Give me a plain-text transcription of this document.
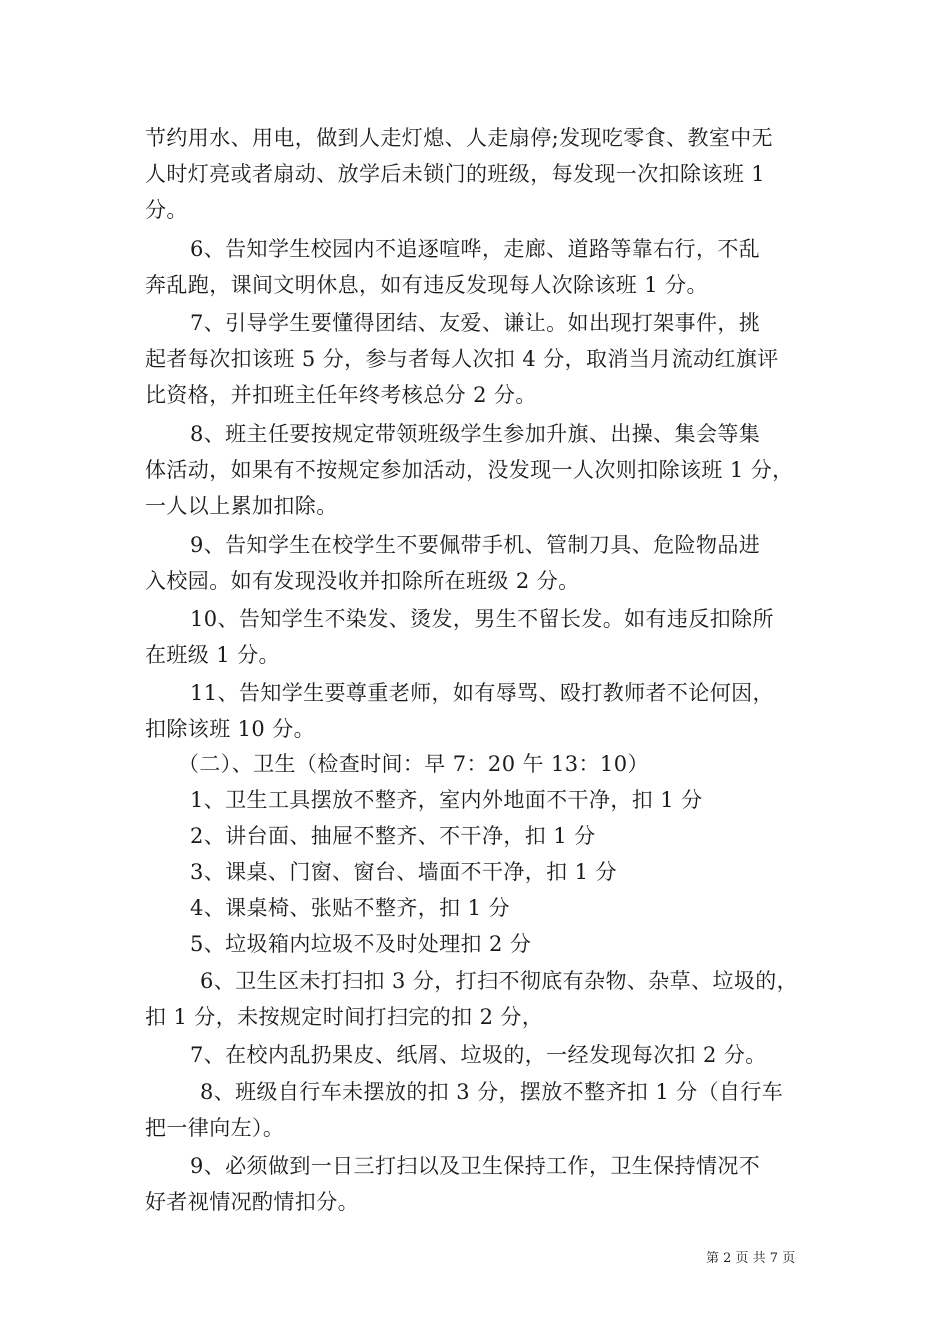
节约用水、用电，做到人走灯熄、人走扇停;发现吃零食、教室中无
人时灯亮或者扇动、放学后未锁门的班级，每发现一次扣除该班 1
分。
6、告知学生校园内不追逐喧哗，走廊、道路等靠右行，不乱
奔乱跑，课间文明休息，如有违反发现每人次除该班 1 分。
7、引导学生要懂得团结、友爱、谦让。如出现打架事件，挑
起者每次扣该班 5 分，参与者每人次扣 4 分，取消当月流动红旗评
比资格，并扣班主任年终考核总分 2 分。
8、班主任要按规定带领班级学生参加升旗、出操、集会等集
体活动，如果有不按规定参加活动，没发现一人次则扣除该班 1 分，
一人以上累加扣除。
9、告知学生在校学生不要佩带手机、管制刀具、危险物品进
入校园。如有发现没收并扣除所在班级 2 分。
10、告知学生不染发、烫发，男生不留长发。如有违反扣除所
在班级 1 分。
11、告知学生要尊重老师，如有辱骂、殴打教师者不论何因，
扣除该班 10 分。
（二）、卫生（检查时间：早 7：20 午 13：10）
1、卫生工具摆放不整齐，室内外地面不干净，扣 1 分
2、讲台面、抽屉不整齐、不干净，扣 1 分
3、课桌、门窗、窗台、墙面不干净，扣 1 分
4、课桌椅、张贴不整齐，扣 1 分
5、垃圾箱内垃圾不及时处理扣 2 分
6、卫生区未打扫扣 3 分，打扫不彻底有杂物、杂草、垃圾的，
扣 1 分，未按规定时间打扫完的扣 2 分，
7、在校内乱扔果皮、纸屑、垃圾的，一经发现每次扣 2 分。
8、班级自行车未摆放的扣 3 分，摆放不整齐扣 1 分（自行车
把一律向左）。
9、必须做到一日三打扫以及卫生保持工作，卫生保持情况不
好者视情况酌情扣分。
第 2 页 共 7 页
